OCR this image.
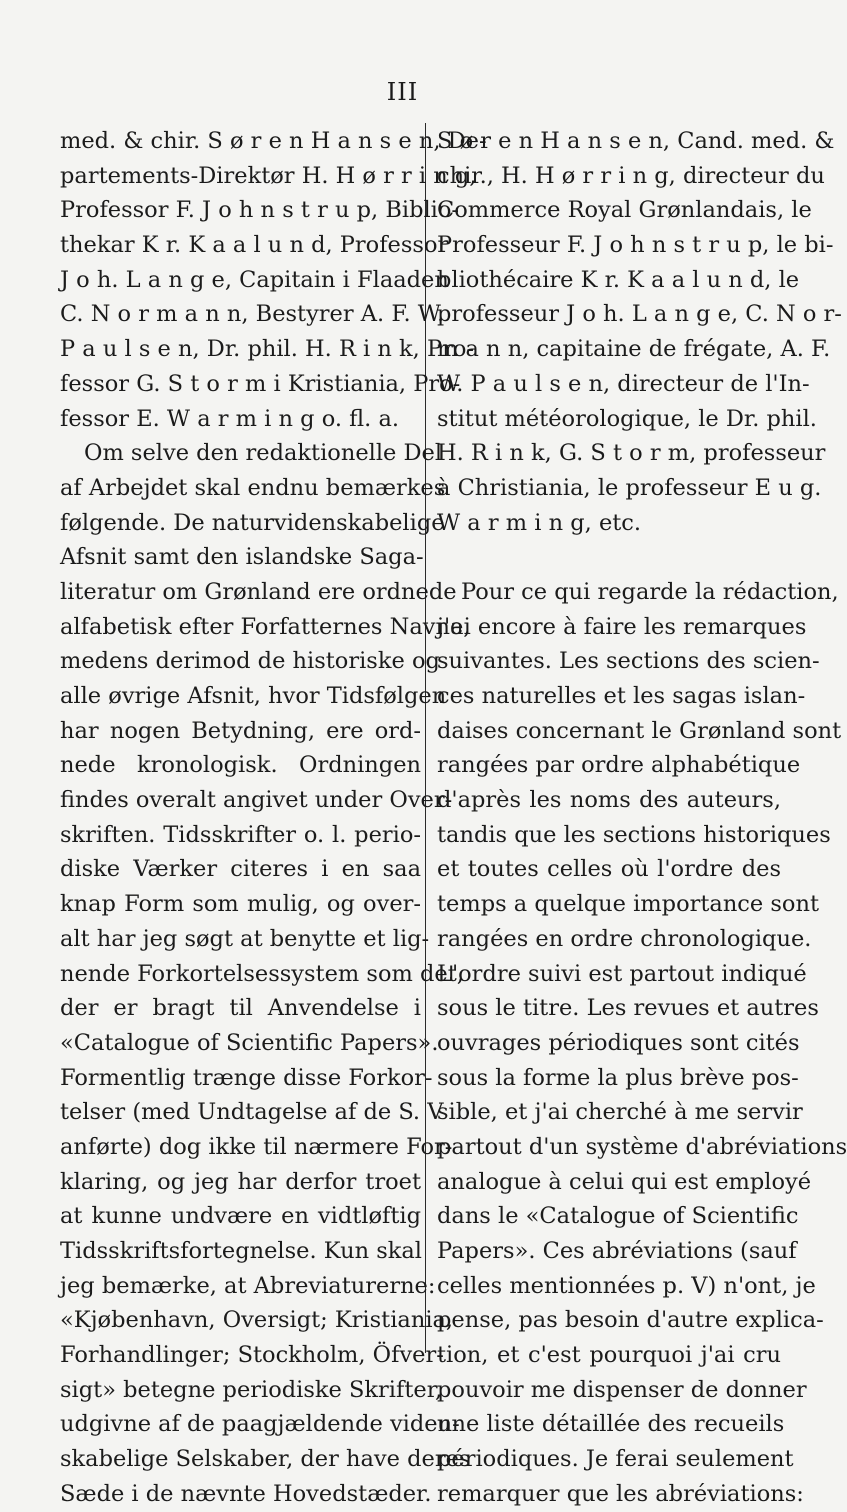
III
med. & chir. S ø r e n H a n s e n, De-
partements-Direktør H. H ø r r i n g,
Professor F. J o h n s t r u p, Biblio-
thekar K r. K a a l u n d, Professor
J o h. L a n g e, Capitain i Flaaden
C. N o r m a n n, Bestyrer A. F. W.
P a u l s e n, Dr. phil. H. R i n k, Pro-
fessor G. S t o r m i Kristiania, Pro-
fessor E. W a r m i n g o. fl. a.
Om selve den redaktionelle Del
af Arbejdet skal endnu bemærkes
følgende. De naturvidenskabelige
Afsnit samt den islandske Saga-
literatur om Grønland ere ordnede
alfabetisk efter Forfatternes Navne,
medens derimod de historiske og
alle øvrige Afsnit, hvor Tidsfølgen
har nogen Betydning, ere ord-
nede kronologisk. Ordningen
findes overalt angivet under Over-
skriften. Tidsskrifter o. l. perio-
diske Værker citeres i en saa
knap Form som mulig, og over-
alt har jeg søgt at benytte et lig-
nende Forkortelsessystem som det,
der er bragt til Anvendelse i
«Catalogue of Scientific Papers».
Formentlig trænge disse Forkor-
telser (med Undtagelse af de S. V
anførte) dog ikke til nærmere For-
klaring, og jeg har derfor troet
at kunne undvære en vidtløftig
Tidsskriftsfortegnelse. Kun skal
jeg bemærke, at Abreviaturerne:
«Kjøbenhavn, Oversigt; Kristiania,
Forhandlinger; Stockholm, Öfver-
sigt» betegne periodiske Skrifter,
udgivne af de paagjældende viden-
skabelige Selskaber, der have deres
Sæde i de nævnte Hovedstæder.
S ø r e n H a n s e n, Cand. med. &
chir., H. H ø r r i n g, directeur du
Commerce Royal Grønlandais, le
Professeur F. J o h n s t r u p, le bi-
bliothécaire K r. K a a l u n d, le
professeur J o h. L a n g e, C. N o r-
m a n n, capitaine de frégate, A. F.
W. P a u l s e n, directeur de l'In-
stitut météorologique, le Dr. phil.
H. R i n k, G. S t o r m, professeur
à Christiania, le professeur E u g.
W a r m i n g, etc.
Pour ce qui regarde la rédaction,
j'ai encore à faire les remarques
suivantes. Les sections des scien-
ces naturelles et les sagas islan-
daises concernant le Grønland sont
rangées par ordre alphabétique
d'après les noms des auteurs,
tandis que les sections historiques
et toutes celles où l'ordre des
temps a quelque importance sont
rangées en ordre chronologique.
L'ordre suivi est partout indiqué
sous le titre. Les revues et autres
ouvrages périodiques sont cités
sous la forme la plus brève pos-
sible, et j'ai cherché à me servir
partout d'un système d'abréviations
analogue à celui qui est employé
dans le «Catalogue of Scientific
Papers». Ces abréviations (sauf
celles mentionnées p. V) n'ont, je
pense, pas besoin d'autre explica-
tion, et c'est pourquoi j'ai cru
pouvoir me dispenser de donner
une liste détaillée des recueils
périodiques. Je ferai seulement
remarquer que les abréviations:
